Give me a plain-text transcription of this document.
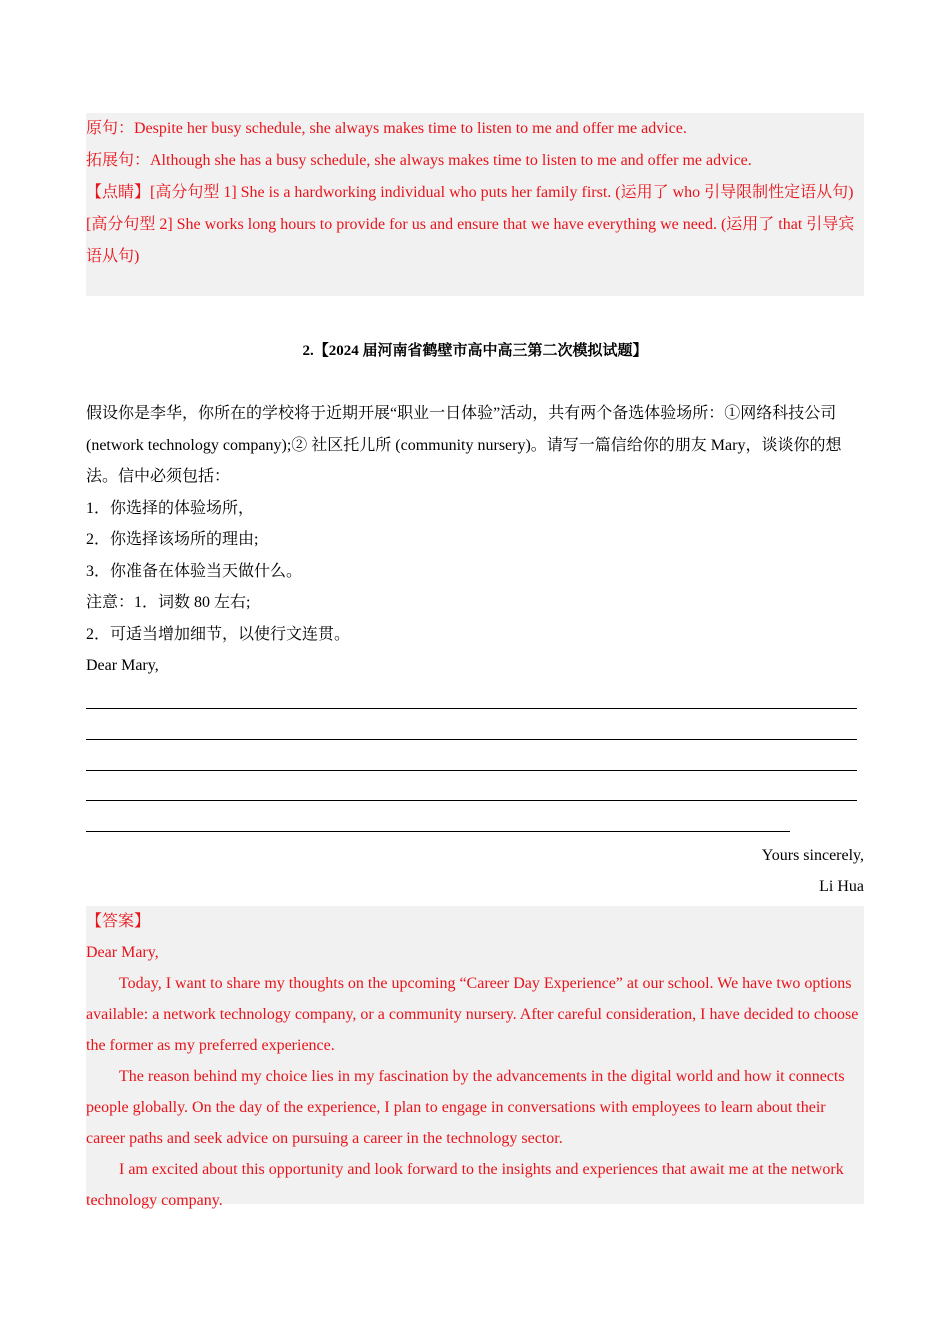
原句：Despite her busy schedule, she always makes time to listen to me and offer me advice.

拓展句：Although she has a busy schedule, she always makes time to listen to me and offer me advice.

【点睛】[高分句型 1] She is a hardworking individual who puts her family first. (运用了 who 引导限制性定语从句)

[高分句型 2] She works long hours to provide for us and ensure that we have everything we need. (运用了 that 引导宾语从句)

2.【2024 届河南省鹤壁市高中高三第二次模拟试题】

假设你是李华，你所在的学校将于近期开展“职业一日体验”活动，共有两个备选体验场所：①网络科技公司 (network technology company);② 社区托儿所 (community nursery)。请写一篇信给你的朋友 Mary，谈谈你的想法。信中必须包括：

1．你选择的体验场所，

2．你选择该场所的理由;

3．你准备在体验当天做什么。

注意：1．词数 80 左右;

2．可适当增加细节，以使行文连贯。

Dear Mary,

Yours sincerely,
Li Hua

【答案】

Dear Mary,

Today, I want to share my thoughts on the upcoming “Career Day Experience” at our school. We have two options available: a network technology company, or a community nursery. After careful consideration, I have decided to choose the former as my preferred experience.

The reason behind my choice lies in my fascination by the advancements in the digital world and how it connects people globally. On the day of the experience, I plan to engage in conversations with employees to learn about their career paths and seek advice on pursuing a career in the technology sector.

I am excited about this opportunity and look forward to the insights and experiences that await me at the network technology company.
